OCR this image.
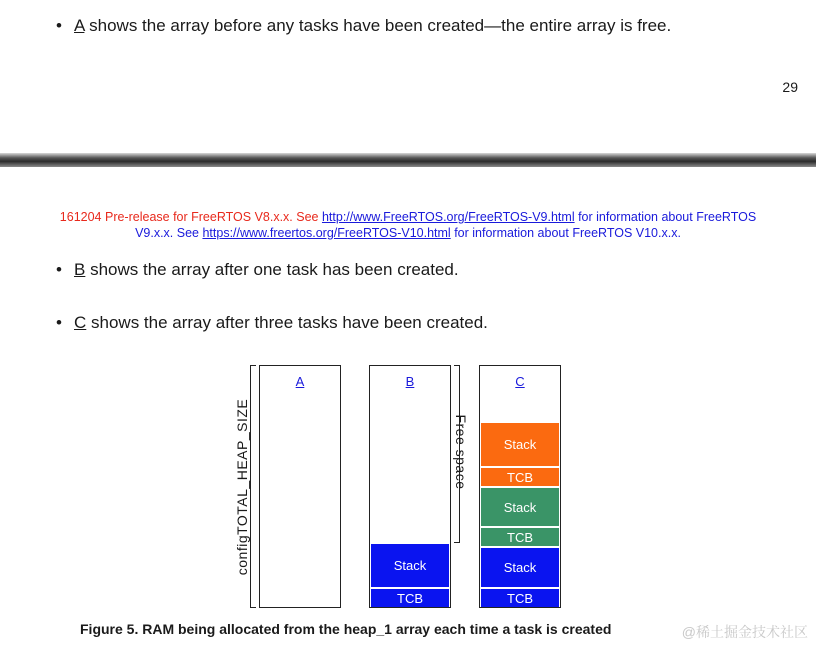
• A shows the array before any tasks have been created—the entire array is free.
29
161204 Pre-release for FreeRTOS V8.x.x. See http://www.FreeRTOS.org/FreeRTOS-V9.html for information about FreeRTOS
V9.x.x. See https://www.freertos.org/FreeRTOS-V10.html for information about FreeRTOS V10.x.x.
• B shows the array after one task has been created.
• C shows the array after three tasks have been created.
configTOTAL_HEAP_SIZE
A	B
Stack
TCB
Free space
C
Stack
TCB
Stack
TCB
Stack
TCB
Figure 5. RAM being allocated from the heap_1 array each time a task is created	@稀土掘金技术社区
